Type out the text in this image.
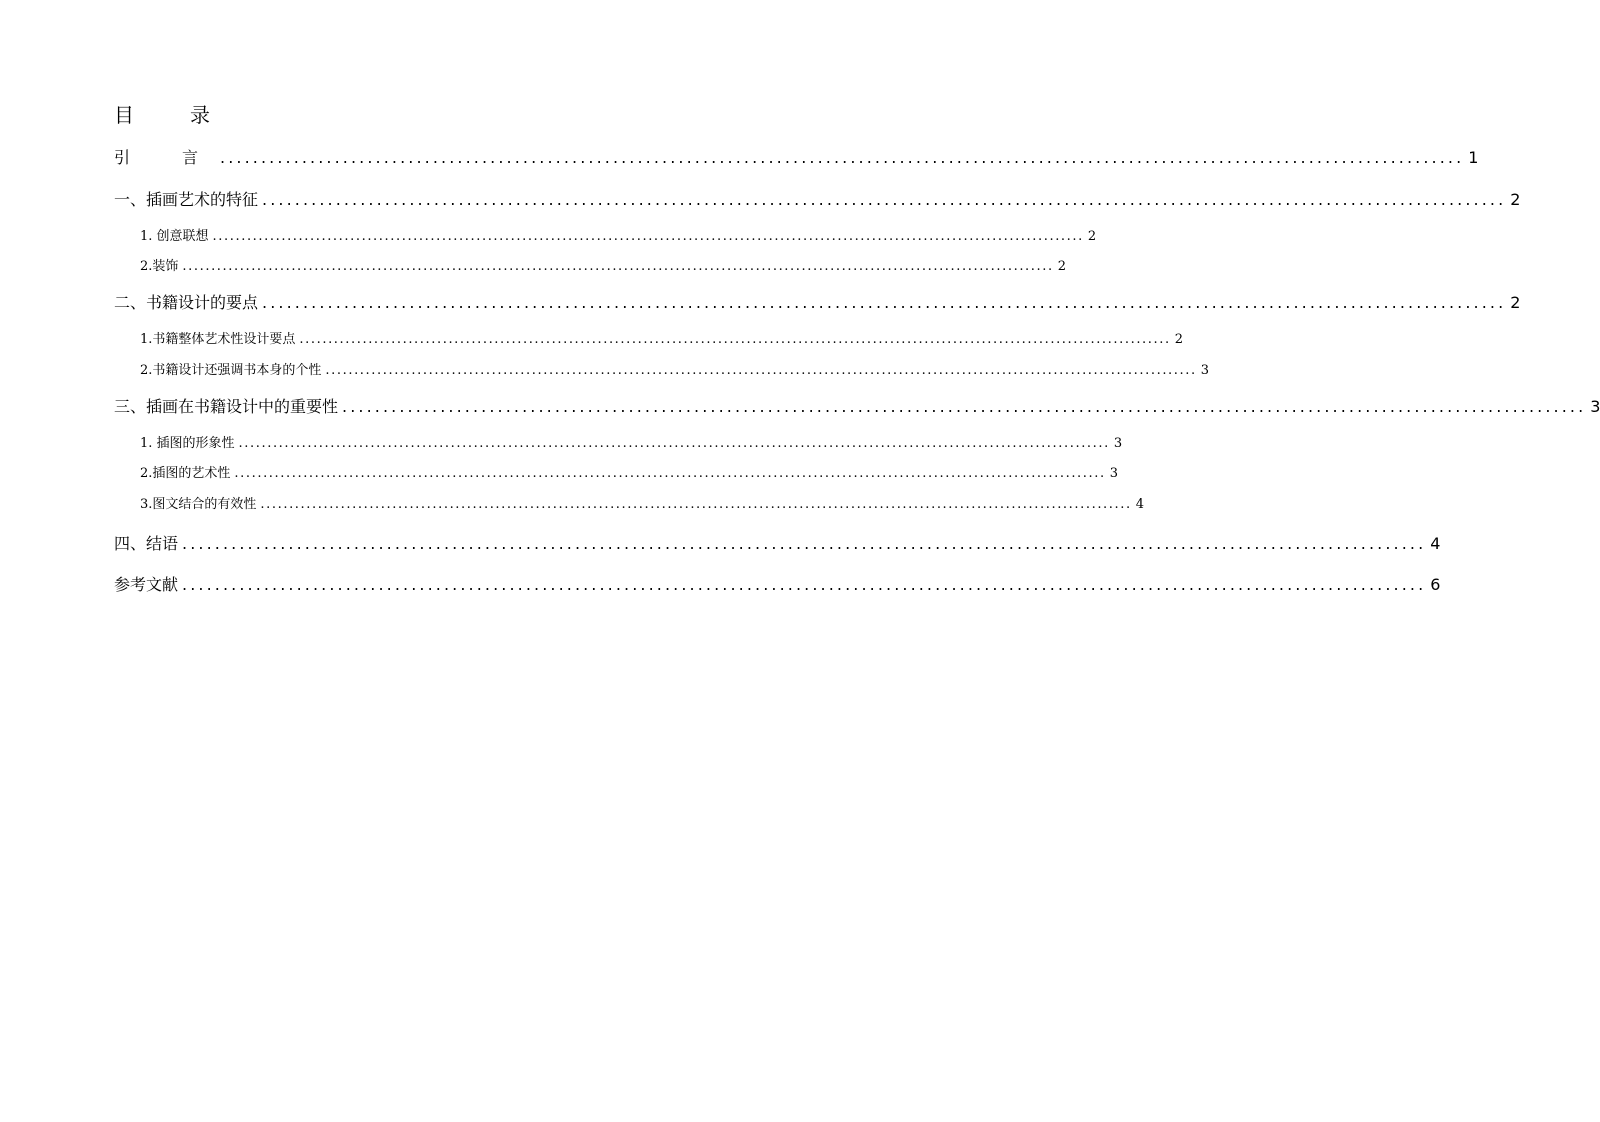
目　录
引　言 ........................................................................................................................................................ 1
一、插画艺术的特征 ........................................................................................................................................................ 2
1. 创意联想 ........................................................................................................................................................ 2
2.装饰 ........................................................................................................................................................ 2
二、书籍设计的要点 ........................................................................................................................................................ 2
1.书籍整体艺术性设计要点 ........................................................................................................................................................ 2
2.书籍设计还强调书本身的个性 ........................................................................................................................................................ 3
三、插画在书籍设计中的重要性 ........................................................................................................................................................ 3
1. 插图的形象性 ........................................................................................................................................................ 3
2.插图的艺术性 ........................................................................................................................................................ 3
3.图文结合的有效性 ........................................................................................................................................................ 4
四、结语 ........................................................................................................................................................ 4
参考文献 ........................................................................................................................................................ 6
